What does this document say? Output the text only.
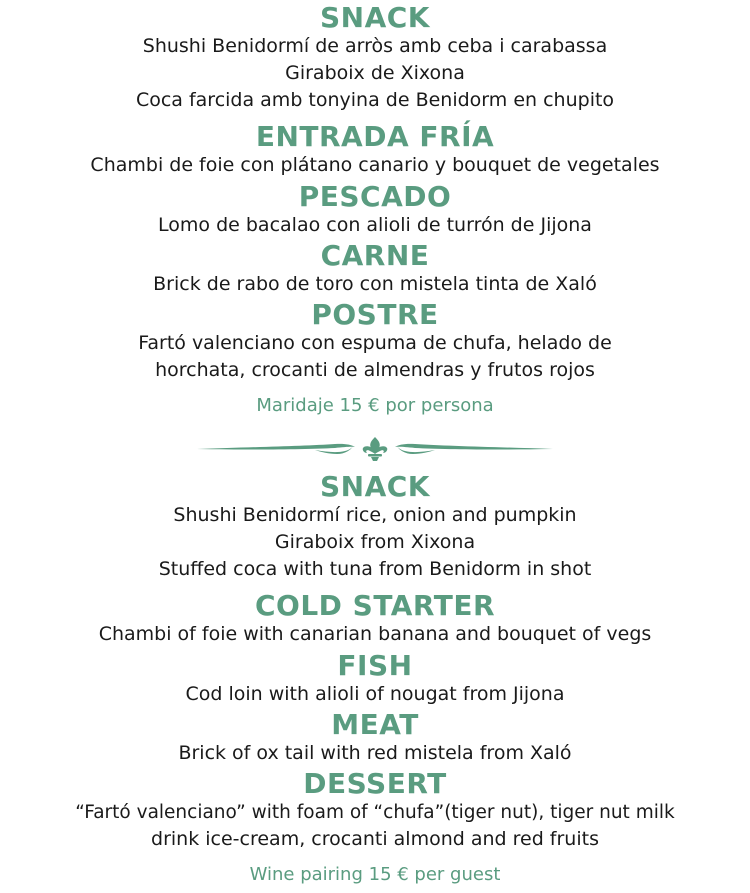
SNACK

Shushi Benidormí de arròs amb ceba i carabassa

Giraboix de Xixona

Coca farcida amb tonyina de Benidorm en chupito

ENTRADA FRÍA

Chambi de foie con plátano canario y bouquet de vegetales

PESCADO

Lomo de bacalao con alioli de turrón de Jijona

CARNE

Brick de rabo de toro con mistela tinta de Xaló

POSTRE

Fartó valenciano con espuma de chufa, helado de

horchata, crocanti de almendras y frutos rojos

Maridaje 15 € por persona

SNACK

Shushi Benidormí rice, onion and pumpkin

Giraboix from Xixona

Stuffed coca with tuna from Benidorm in shot

COLD STARTER

Chambi of foie with canarian banana and bouquet of vegs

FISH

Cod loin with alioli of nougat from Jijona

MEAT

Brick of ox tail with red mistela from Xaló

DESSERT

“Fartó valenciano” with foam of “chufa”(tiger nut), tiger nut milk

drink ice-cream, crocanti almond and red fruits

Wine pairing 15 € per guest
